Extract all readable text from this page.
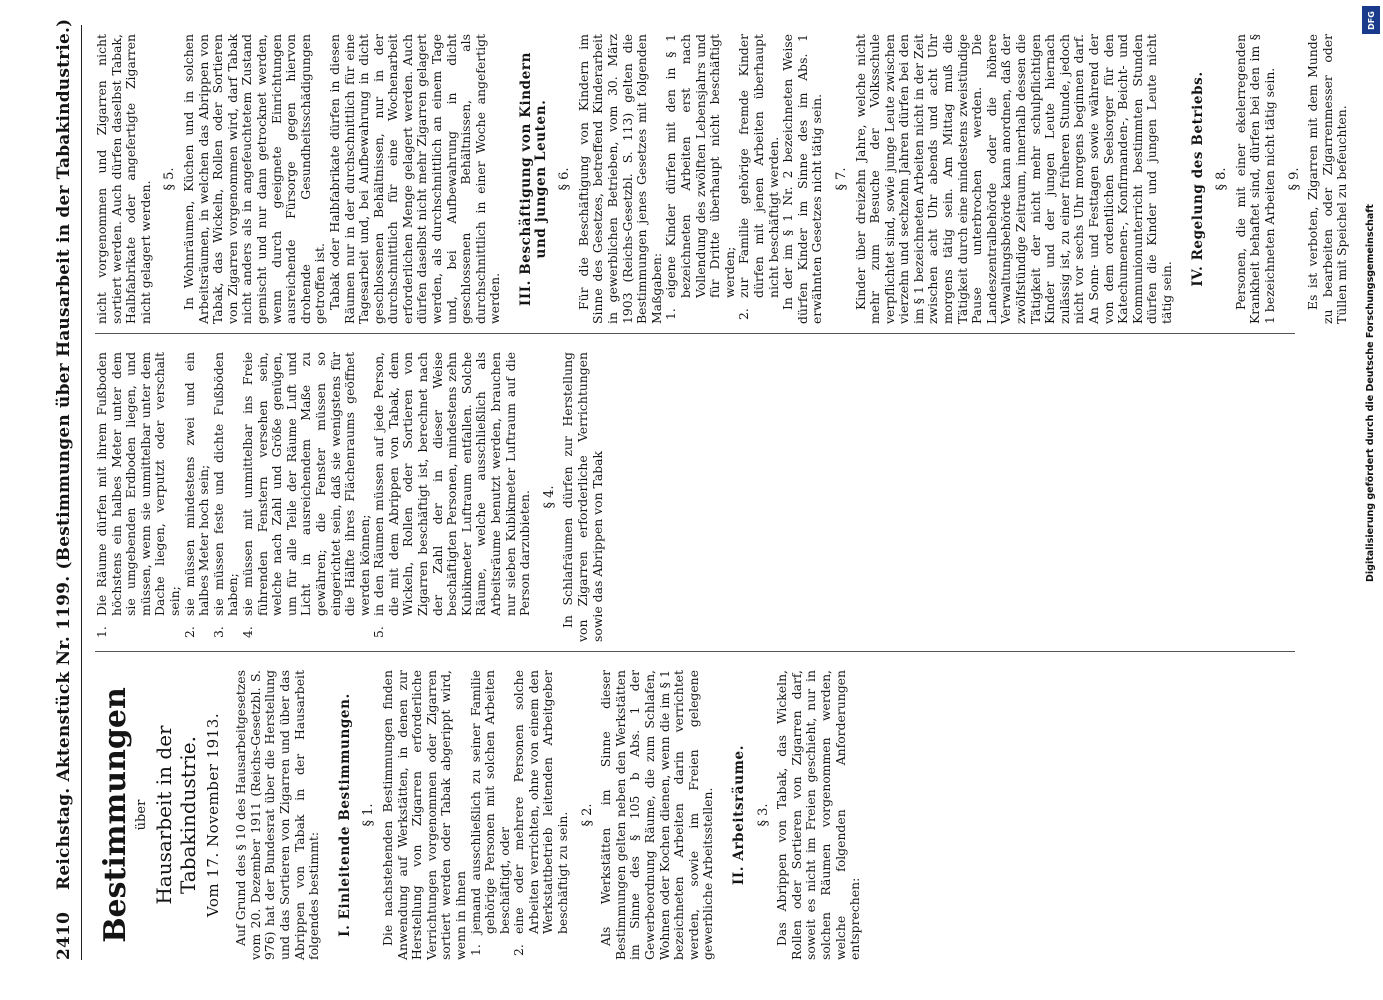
2410
Reichstag. Aktenstück Nr. 1199. (Bestimmungen über Hausarbeit in der Tabakindustrie.) Bestimmungen über Hausarbeit in der Tabakindustrie. Vom 17. November 1913. Auf Grund des § 10 des Hausarbeitgesetzes vom 20. Dezember 1911 (Reichs-Gesetzbl. S. 976) hat der Bundesrat über die Herstellung und das Sortieren von Zigarren und über das Abrippen von Tabak in der Hausarbeit folgendes bestimmt: I. Einleitende Bestimmungen. § 1. Die nachstehenden Bestimmungen finden Anwendung auf Werkstätten, in denen zur Herstellung von Zigarren erforderliche Verrichtungen vorgenommen oder Zigarren sortiert werden oder Tabak abgerippt wird, wenn in ihnen 1.
jemand ausschließlich zu seiner Familie gehörige Personen mit solchen Arbeiten beschäftigt, oder
2.
eine oder mehrere Personen solche Arbeiten verrichten, ohne von einem den Werkstattbetrieb leitenden Arbeitgeber beschäftigt zu sein. § 2. Als Werkstätten im Sinne dieser Bestimmungen gelten neben den Werkstätten im Sinne des § 105 b Abs. 1 der Gewerbeordnung Räume, die zum Schlafen, Wohnen oder Kochen dienen, wenn die im § 1 bezeichneten Arbeiten darin verrichtet werden, sowie im Freien gelegene gewerbliche Arbeitsstellen. II. Arbeitsräume. § 3. Das Abrippen von Tabak, das Wickeln, Rollen oder Sortieren von Zigarren darf, soweit es nicht im Freien geschieht, nur in solchen Räumen vorgenommen werden, welche folgenden Anforderungen entsprechen:

1.
Die Räume dürfen mit ihrem Fußboden höchstens ein halbes Meter unter dem sie umgebenden Erdboden liegen, und müssen, wenn sie unmittelbar unter dem Dache liegen, verputzt oder verschalt sein;
2.
sie müssen mindestens zwei und ein halbes Meter hoch sein;
3.
sie müssen feste und dichte Fußböden haben;
4.
sie müssen mit unmittelbar ins Freie führenden Fenstern versehen sein, welche nach Zahl und Größe genügen, um für alle Teile der Räume Luft und Licht in ausreichendem Maße zu gewähren; die Fenster müssen so eingerichtet sein, daß sie wenigstens für die Hälfte ihres Flächenraums geöffnet werden können;
5.
in den Räumen müssen auf jede Person, die mit dem Abrippen von Tabak, dem Wickeln, Rollen oder Sortieren von Zigarren beschäftigt ist, berechnet nach der Zahl der in dieser Weise beschäftigten Personen, mindestens zehn Kubikmeter Luftraum entfallen. Solche Räume, welche ausschließlich als Arbeitsräume benutzt werden, brauchen nur sieben Kubikmeter Luftraum auf die Person darzubieten. § 4. In Schlafräumen dürfen zur Herstellung von Zigarren erforderliche Verrichtungen sowie das Abrippen von Tabak

nicht vorgenommen und Zigarren nicht sortiert werden. Auch dürfen daselbst Tabak, Halbfabrikate oder angefertigte Zigarren nicht gelagert werden.

§ 5. In Wohnräumen, Küchen und in solchen Arbeitsräumen, in welchen das Abrippen von Tabak, das Wickeln, Rollen oder Sortieren von Zigarren vorgenommen wird, darf Tabak nicht anders als in angefeuchtetem Zustand gemischt und nur dann getrocknet werden, wenn durch geeignete Einrichtungen ausreichende Fürsorge gegen hiervon drohende Gesundheitsschädigungen getroffen ist. Tabak oder Halbfabrikate dürfen in diesen Räumen nur in der durchschnittlich für eine Tagesarbeit und, bei Aufbewahrung in dicht geschlossenen Behältnissen, nur in der durchschnittlich für eine Wochenarbeit erforderlichen Menge gelagert werden. Auch dürfen daselbst nicht mehr Zigarren gelagert werden, als durchschnittlich an einem Tage und, bei Aufbewahrung in dicht geschlossenen Behältnissen, als durchschnittlich in einer Woche angefertigt werden. III. Beschäftigung von Kindern und jungen Leuten. § 6. Für die Beschäftigung von Kindern im Sinne des Gesetzes, betreffend Kinderarbeit in gewerblichen Betrieben, vom 30. März 1903 (Reichs-Gesetzbl. S. 113) gelten die Bestimmungen jenes Gesetzes mit folgenden Maßgaben: 1.
eigene Kinder dürfen mit den in § 1 bezeichneten Arbeiten erst nach Vollendung des zwölften Lebensjahrs und für Dritte überhaupt nicht beschäftigt werden;
2.
zur Familie gehörige fremde Kinder dürfen mit jenen Arbeiten überhaupt nicht beschäftigt werden. In der im § 1 Nr. 2 bezeichneten Weise dürfen Kinder im Sinne des im Abs. 1 erwähnten Gesetzes nicht tätig sein. § 7. Kinder über dreizehn Jahre, welche nicht mehr zum Besuche der Volksschule verpflichtet sind, sowie junge Leute zwischen vierzehn und sechzehn Jahren dürfen bei den im § 1 bezeichneten Arbeiten nicht in der Zeit zwischen acht Uhr abends und acht Uhr morgens tätig sein. Am Mittag muß die Tätigkeit durch eine mindestens zweistündige Pause unterbrochen werden. Die Landeszentralbehörde oder die höhere Verwaltungsbehörde kann anordnen, daß der zwölfstündige Zeitraum, innerhalb dessen die Tätigkeit der nicht mehr schulpflichtigen Kinder und der jungen Leute hiernach zulässig ist, zu einer früheren Stunde, jedoch nicht vor sechs Uhr morgens beginnen darf. An Sonn- und Festtagen sowie während der von dem ordentlichen Seelsorger für den Katechumenen-, Konfirmanden-, Beicht- und Kommunionunterricht bestimmten Stunden dürfen die Kinder und jungen Leute nicht tätig sein.

IV. Regelung des Betriebs. § 8. Personen, die mit einer ekelerregenden Krankheit behaftet sind, dürfen bei den im § 1 bezeichneten Arbeiten nicht tätig sein. § 9. Es ist verboten, Zigarren mit dem Munde zu bearbeiten oder Zigarrenmesser oder Tüllen mit Speichel zu befeuchten.

DFG
Digitalisierung gefördert durch die Deutsche Forschungsgemeinschaft
